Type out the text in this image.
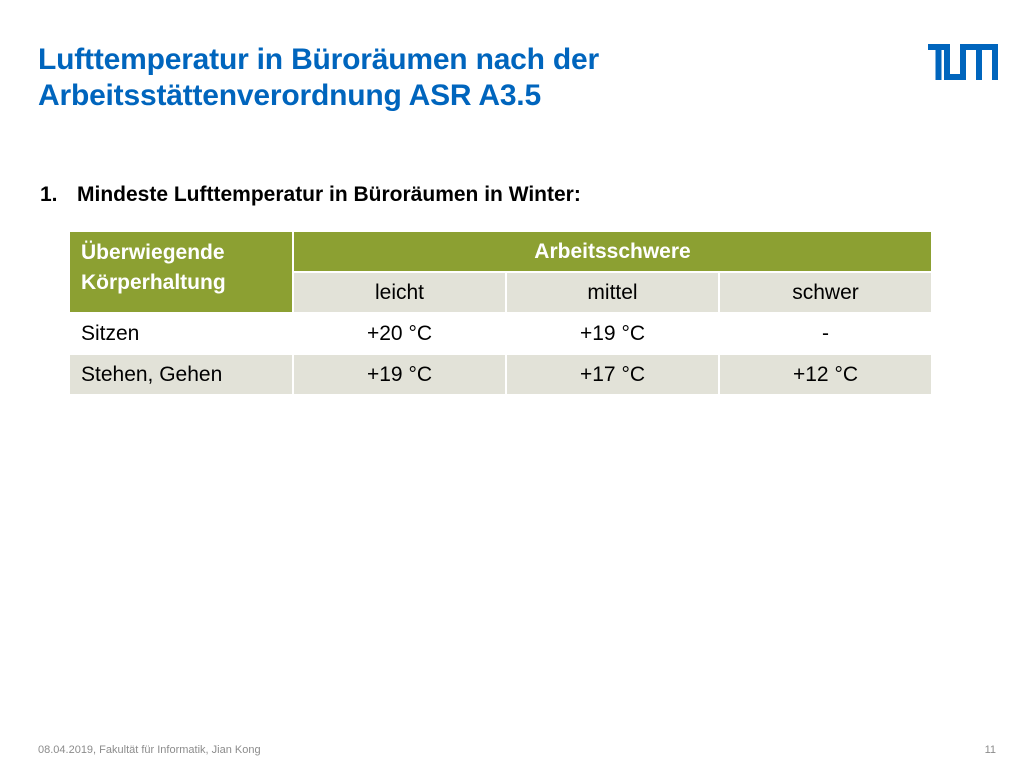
Lufttemperatur in Büroräumen nach der
Arbeitsstättenverordnung ASR A3.5
1. Mindeste Lufttemperatur in Büroräumen in Winter:
Überwiegende
Körperhaltung	Arbeitsschwere		
	leicht	mittel	schwer
Sitzen	+20 °C	+19 °C	-
Stehen, Gehen	+19 °C	+17 °C	+12 °C
08.04.2019, Fakultät für Informatik, Jian Kong	11
